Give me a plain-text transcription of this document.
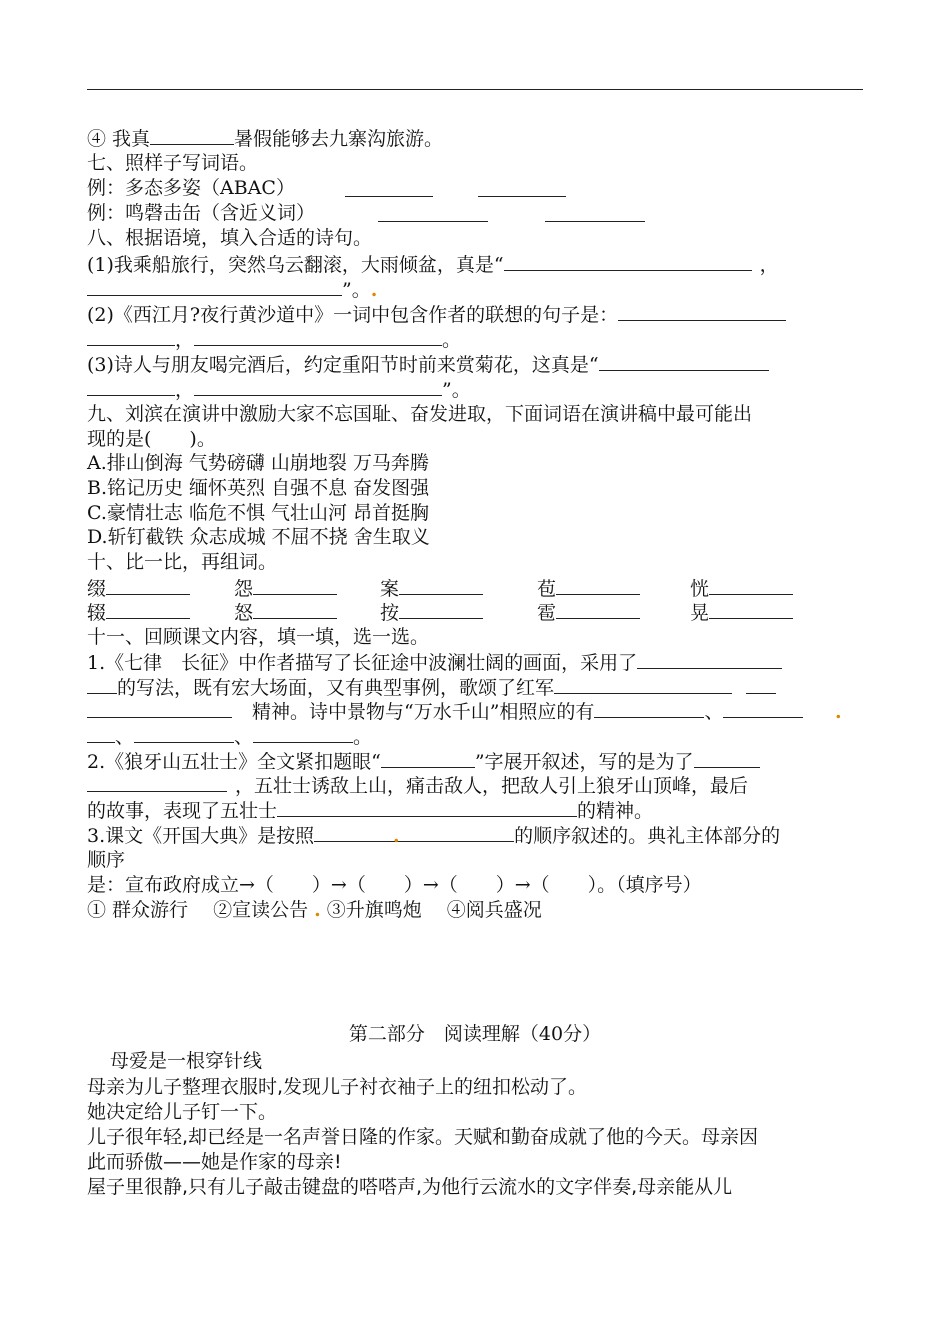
④ 我真	暑假能够去九寨沟旅游。
七、照样子写词语。
例：多态多姿（ABAC）
例：鸣磬击缶（含近义词）
八、根据语境，填入合适的诗句。
(1)我乘船旅行，突然乌云翻滚，大雨倾盆，真是“	，
”。.
(2)《西江月?夜行黄沙道中》一词中包含作者的联想的句子是：
，	。
(3)诗人与朋友喝完酒后，约定重阳节时前来赏菊花，这真是“
，	”。
九、刘滨在演讲中激励大家不忘国耻、奋发进取，下面词语在演讲稿中最可能出
现的是(　　)。
A.排山倒海 气势磅礴 山崩地裂 万马奔腾
B.铭记历史 缅怀英烈 自强不息 奋发图强
C.豪情壮志 临危不惧 气壮山河 昂首挺胸
D.斩钉截铁 众志成城 不屈不挠 舍生取义
十、比一比，再组词。
缀	怨	案	苞	恍
辍	怒	按	雹	晃
十一、回顾课文内容，填一填，选一选。
1.《七律　长征》中作者描写了长征途中波澜壮阔的画面，采用了
的写法，既有宏大场面，又有典型事例，歌颂了红军
精神。诗中景物与“万水千山”相照应的有	、	.
、	、	。
2.《狼牙山五壮士》全文紧扣题眼“	”字展开叙述，写的是为了
，五壮士诱敌上山，痛击敌人，把敌人引上狼牙山顶峰，最后
的故事，表现了五壮士	的精神。
3.课文《开国大典》是按照	的顺序叙述的。典礼主体部分的
.
顺序
是：宣布政府成立→（　　）→（　　）→（　　）→（　　）。（填序号）
① 群众游行　 ②宣读公告 . ③升旗鸣炮　 ④阅兵盛况
第二部分　阅读理解（40分）
母爱是一根穿针线
母亲为儿子整理衣服时,发现儿子衬衣袖子上的纽扣松动了。
她决定给儿子钉一下。
儿子很年轻,却已经是一名声誉日隆的作家。天赋和勤奋成就了他的今天。母亲因
此而骄傲——她是作家的母亲!
屋子里很静,只有儿子敲击键盘的嗒嗒声,为他行云流水的文字伴奏,母亲能从儿
